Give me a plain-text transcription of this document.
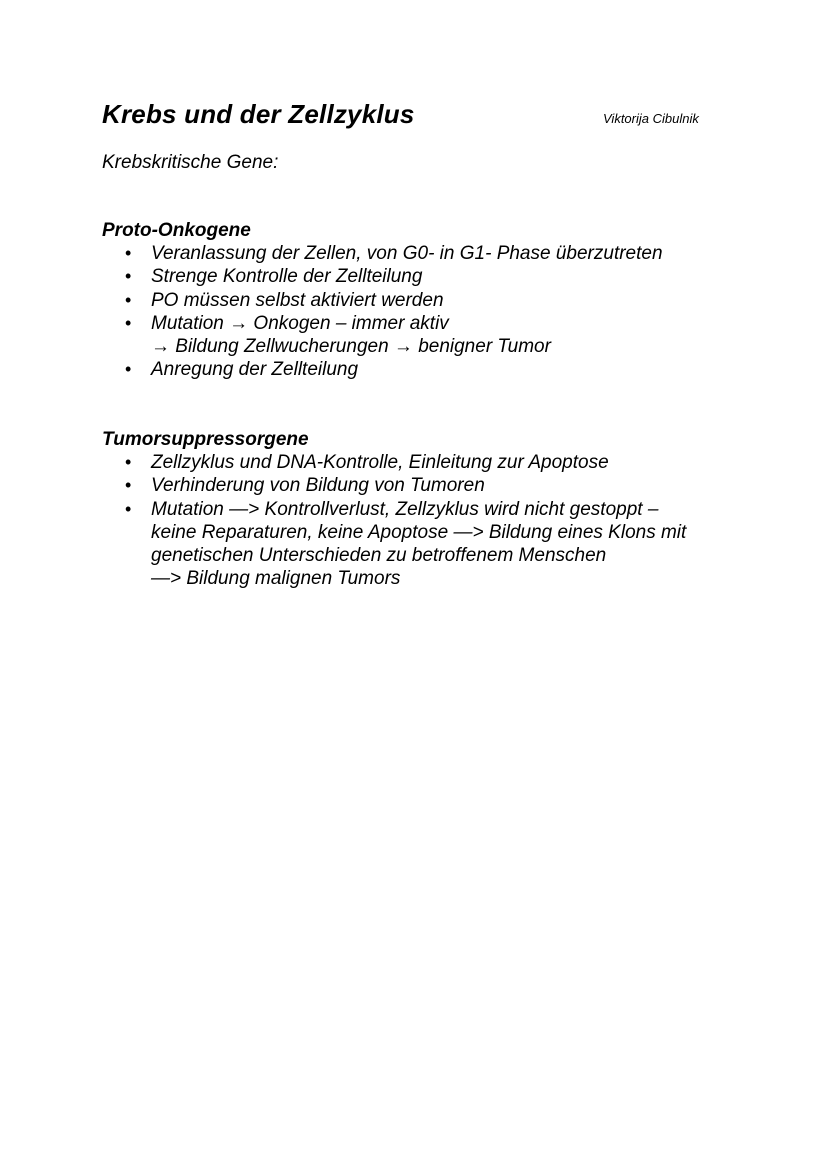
Krebs und der Zellzyklus	Viktorija Cibulnik
Krebskritische Gene:
Proto-Onkogene
• Veranlassung der Zellen, von G0- in G1- Phase überzutreten
• Strenge Kontrolle der Zellteilung
• PO müssen selbst aktiviert werden
• Mutation → Onkogen – immer aktiv
→ Bildung Zellwucherungen → benigner Tumor
• Anregung der Zellteilung
Tumorsuppressorgene
• Zellzyklus und DNA-Kontrolle, Einleitung zur Apoptose
• Verhinderung von Bildung von Tumoren
• Mutation —> Kontrollverlust, Zellzyklus wird nicht gestoppt –
keine Reparaturen, keine Apoptose —> Bildung eines Klons mit
genetischen Unterschieden zu betroffenem Menschen
—> Bildung malignen Tumors
